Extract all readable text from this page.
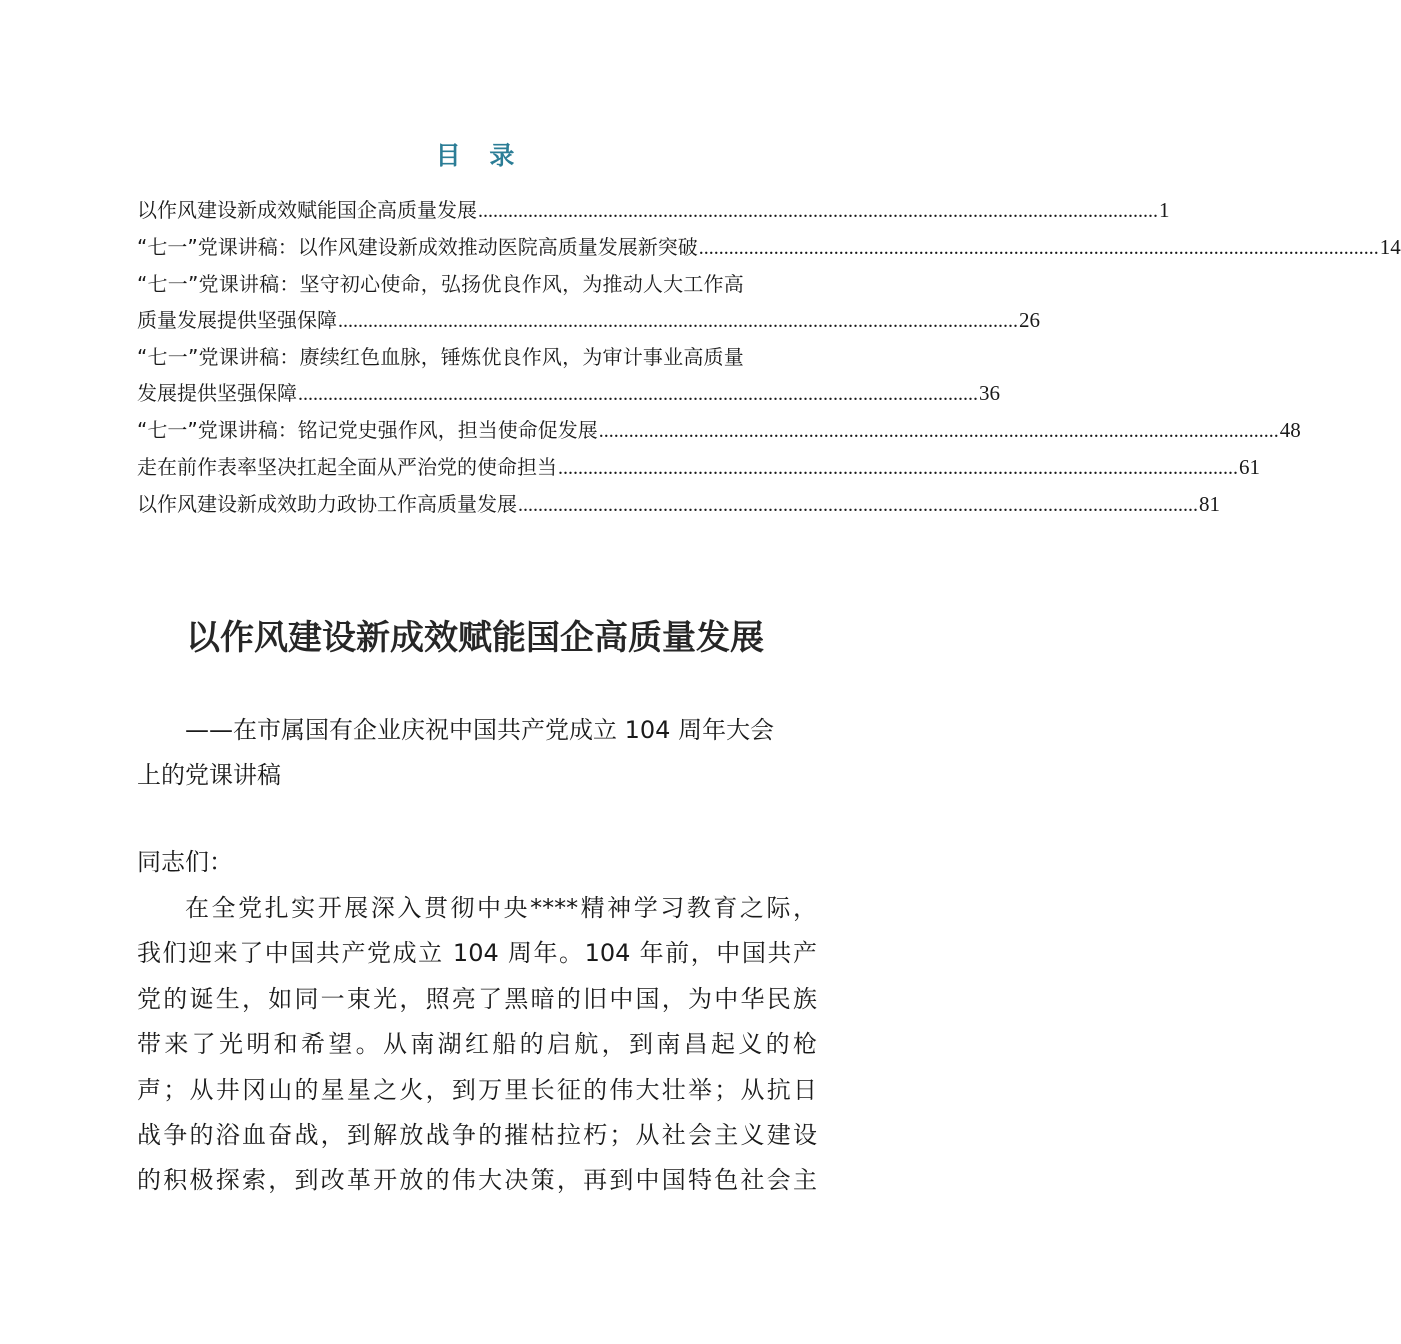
目 录
以作风建设新成效赋能国企高质量发展 ........................................................................................................................................ 1
“七一”党课讲稿：以作风建设新成效推动医院高质量发展新突破 ........................................................................................................................................ 14
“七一”党课讲稿：坚守初心使命，弘扬优良作风，为推动人大工作高
质量发展提供坚强保障 ........................................................................................................................................ 26
“七一”党课讲稿：赓续红色血脉，锤炼优良作风，为审计事业高质量
发展提供坚强保障 ........................................................................................................................................ 36
“七一”党课讲稿：铭记党史强作风，担当使命促发展 ........................................................................................................................................ 48
走在前作表率坚决扛起全面从严治党的使命担当 ........................................................................................................................................ 61
以作风建设新成效助力政协工作高质量发展 ........................................................................................................................................ 81
以作风建设新成效赋能国企高质量发展
——在市属国有企业庆祝中国共产党成立 104 周年大会
上的党课讲稿
同志们：
在全党扎实开展深入贯彻中央****精神学习教育之际，
我们迎来了中国共产党成立 104 周年。104 年前，中国共产
党的诞生，如同一束光，照亮了黑暗的旧中国，为中华民族
带来了光明和希望。从南湖红船的启航，到南昌起义的枪
声；从井冈山的星星之火，到万里长征的伟大壮举；从抗日
战争的浴血奋战，到解放战争的摧枯拉朽；从社会主义建设
的积极探索，到改革开放的伟大决策，再到中国特色社会主
